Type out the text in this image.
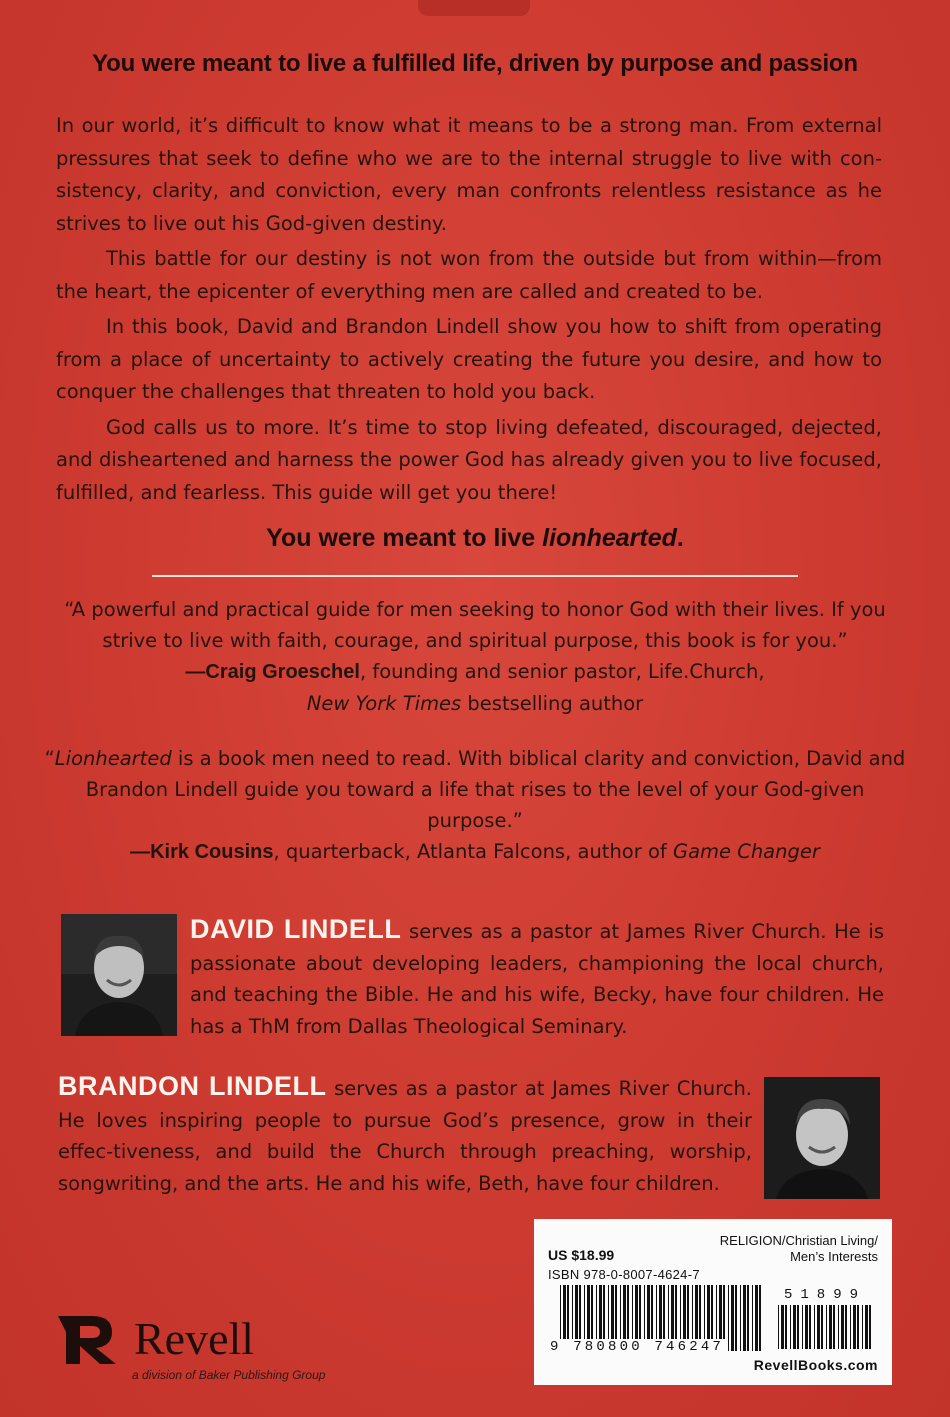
You were meant to live a fulfilled life, driven by purpose and passion

In our world, it’s difficult to know what it means to be a strong man. From external pressures that seek to define who we are to the internal struggle to live with con-sistency, clarity, and conviction, every man confronts relentless resistance as he strives to live out his God-given destiny.

This battle for our destiny is not won from the outside but from within—from the heart, the epicenter of everything men are called and created to be.

In this book, David and Brandon Lindell show you how to shift from operating from a place of uncertainty to actively creating the future you desire, and how to conquer the challenges that threaten to hold you back.

God calls us to more. It’s time to stop living defeated, discouraged, dejected, and disheartened and harness the power God has already given you to live focused, fulfilled, and fearless. This guide will get you there!

You were meant to live lionhearted.
“A powerful and practical guide for men seeking to honor God with their lives. If you strive to live with faith, courage, and spiritual purpose, this book is for you.”
—Craig Groeschel, founding and senior pastor, Life.Church,
New York Times bestselling author
“Lionhearted is a book men need to read. With biblical clarity and conviction, David and Brandon Lindell guide you toward a life that rises to the level of your God-given purpose.”
—Kirk Cousins, quarterback, Atlanta Falcons, author of Game Changer
DAVID LINDELL serves as a pastor at James River Church. He is passionate about developing leaders, championing the local church, and teaching the Bible. He and his wife, Becky, have four children. He has a ThM from Dallas Theological Seminary.
BRANDON LINDELL serves as a pastor at James River Church. He loves inspiring people to pursue God’s presence, grow in their effec-tiveness, and build the Church through preaching, worship, songwriting, and the arts. He and his wife, Beth, have four children.
Revell
a division of Baker Publishing Group
US $18.99
RELIGION/Christian Living/
Men’s Interests
ISBN 978-0-8007-4624-7
9 780800 746247
51899
RevellBooks.com
